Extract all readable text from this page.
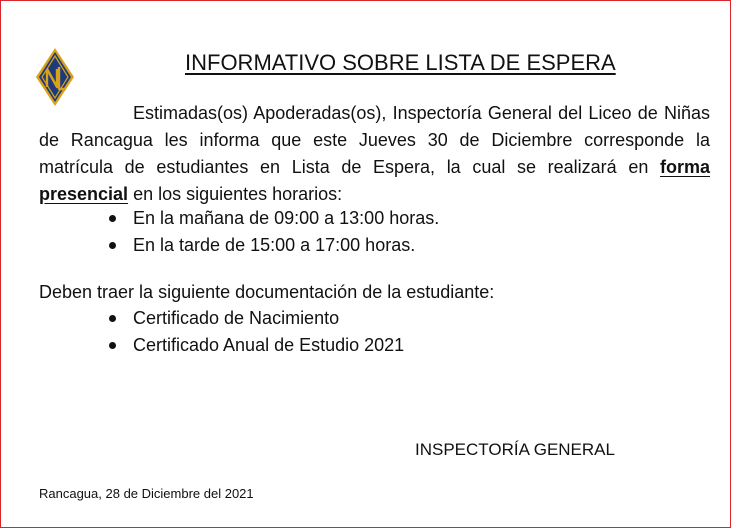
INFORMATIVO SOBRE LISTA DE ESPERA

Estimadas(os) Apoderadas(os), Inspectoría General del Liceo de Niñas de Rancagua les informa que este Jueves 30 de Diciembre corresponde la matrícula de estudiantes en Lista de Espera, la cual se realizará en forma presencial en los siguientes horarios:

En la mañana de 09:00 a 13:00 horas.
En la tarde de 15:00 a 17:00 horas.
Deben traer la siguiente documentación de la estudiante:
Certificado de Nacimiento
Certificado Anual de Estudio 2021
INSPECTORÍA GENERAL
Rancagua, 28 de Diciembre del 2021
